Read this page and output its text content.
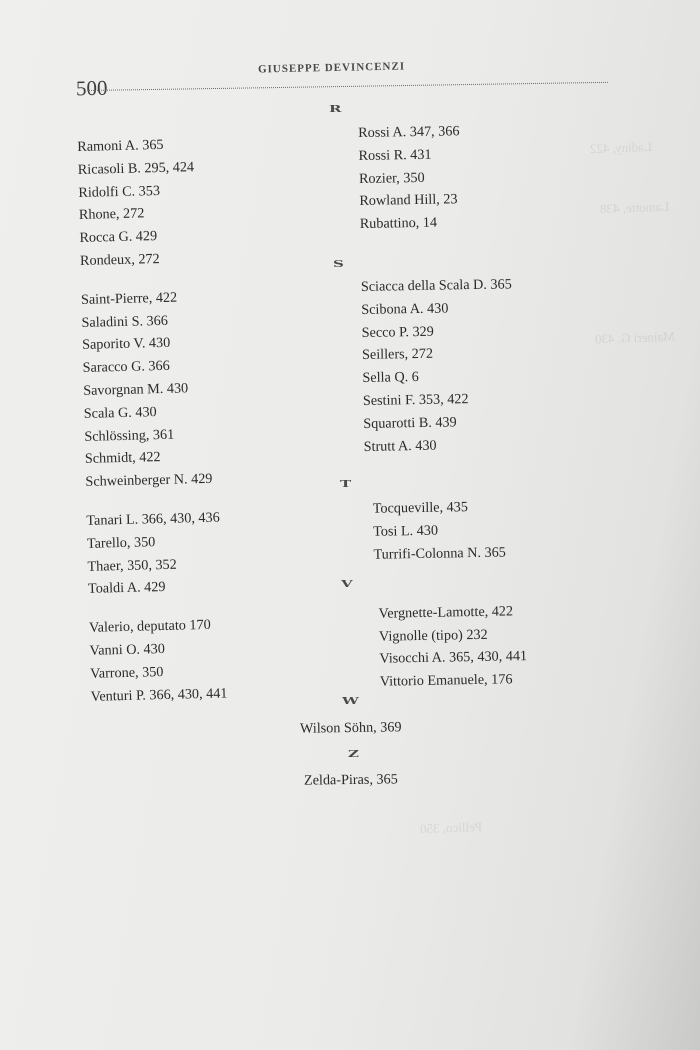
Ladiny, 422
Lamotte, 438
Maineri G. 430
Pellico, 350
500
GIUSEPPE DEVINCENZI
R
S
T
V
W
Z
Ramoni A. 365
Ricasoli B. 295, 424
Ridolfi C. 353
Rhone, 272
Rocca G. 429
Rondeux, 272
Saint-Pierre, 422
Saladini S. 366
Saporito V. 430
Saracco G. 366
Savorgnan M. 430
Scala G. 430
Schlössing, 361
Schmidt, 422
Schweinberger N. 429
Tanari L. 366, 430, 436
Tarello, 350
Thaer, 350, 352
Toaldi A. 429
Valerio, deputato 170
Vanni O. 430
Varrone, 350
Venturi P. 366, 430, 441
Rossi A. 347, 366
Rossi R. 431
Rozier, 350
Rowland Hill, 23
Rubattino, 14
Sciacca della Scala D. 365
Scibona A. 430
Secco P. 329
Seillers, 272
Sella Q. 6
Sestini F. 353, 422
Squarotti B. 439
Strutt A. 430
Tocqueville, 435
Tosi L. 430
Turrifi-Colonna N. 365
Vergnette-Lamotte, 422
Vignolle (tipo) 232
Visocchi A. 365, 430, 441
Vittorio Emanuele, 176
Wilson Söhn, 369
Zelda-Piras, 365
